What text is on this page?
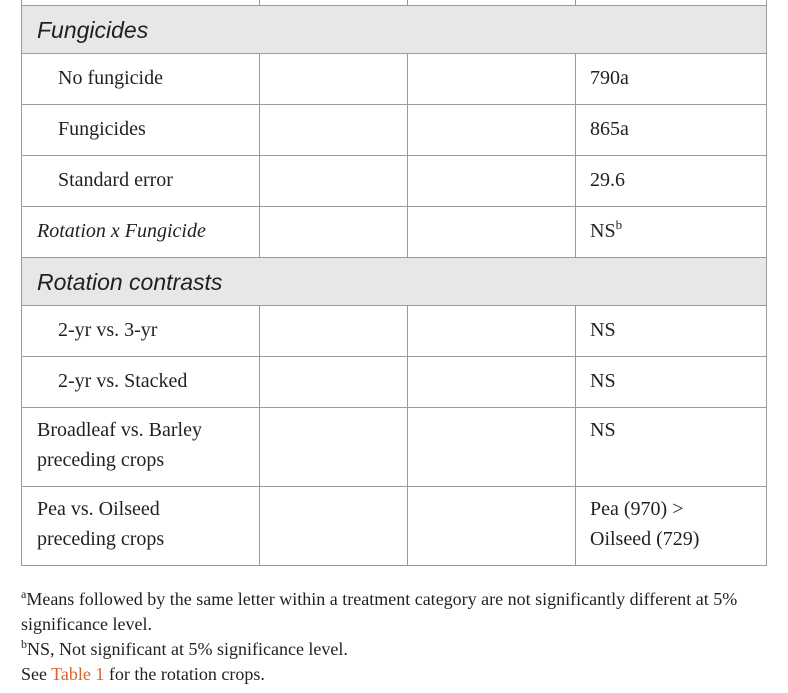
Fungicides			
No fungicide			790a
Fungicides			865a
Standard error			29.6
Rotation x Fungicide			$NS^b$
Rotation contrasts			
2-yr vs. 3-yr			NS
2-yr vs. Stacked			NS
Broadleaf vs. Barley
preceding crops			NS
Pea vs. Oilseed
preceding crops			Pea (970) >
Oilseed (729)

$^a$Means followed by the same letter within a treatment category are not significantly different at 5% significance level.

$^b$NS, Not significant at 5% significance level.

See Table 1 for the rotation crops.
